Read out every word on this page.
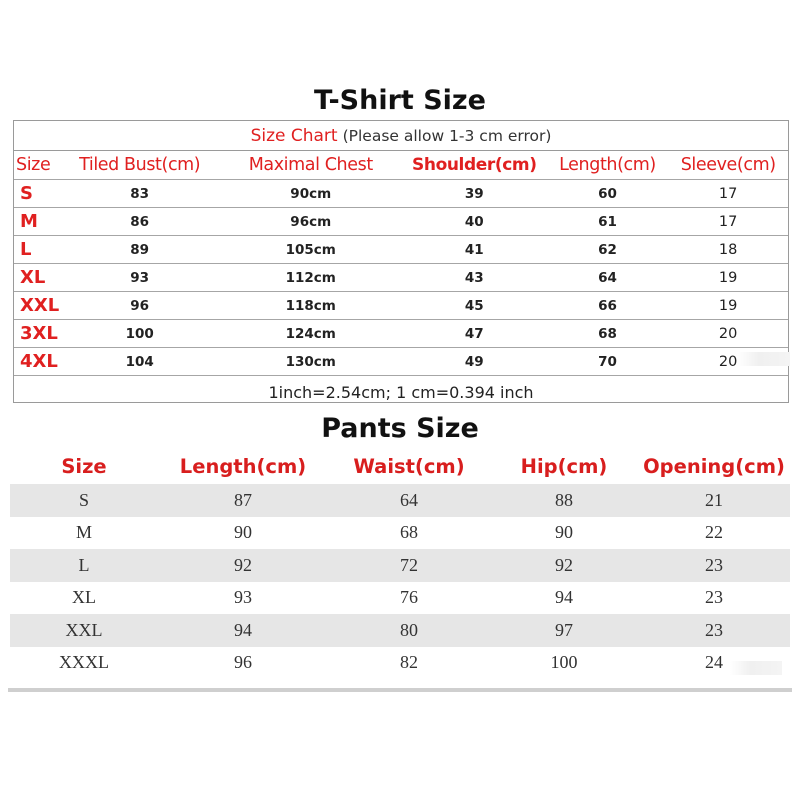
T-Shirt Size
Size Chart (Please allow 1-3 cm error)
Size	Tiled Bust(cm)	Maximal Chest	Shoulder(cm)	Length(cm)	Sleeve(cm)
S	83	90cm	39	60	17
M	86	96cm	40	61	17
L	89	105cm	41	62	18
XL	93	112cm	43	64	19
XXL	96	118cm	45	66	19
3XL	100	124cm	47	68	20
4XL	104	130cm	49	70	20
1inch=2.54cm; 1 cm=0.394 inch
Pants Size
Size	Length(cm)	Waist(cm)	Hip(cm)	Opening(cm)
S	87	64	88	21
M	90	68	90	22
L	92	72	92	23
XL	93	76	94	23
XXL	94	80	97	23
XXXL	96	82	100	24
